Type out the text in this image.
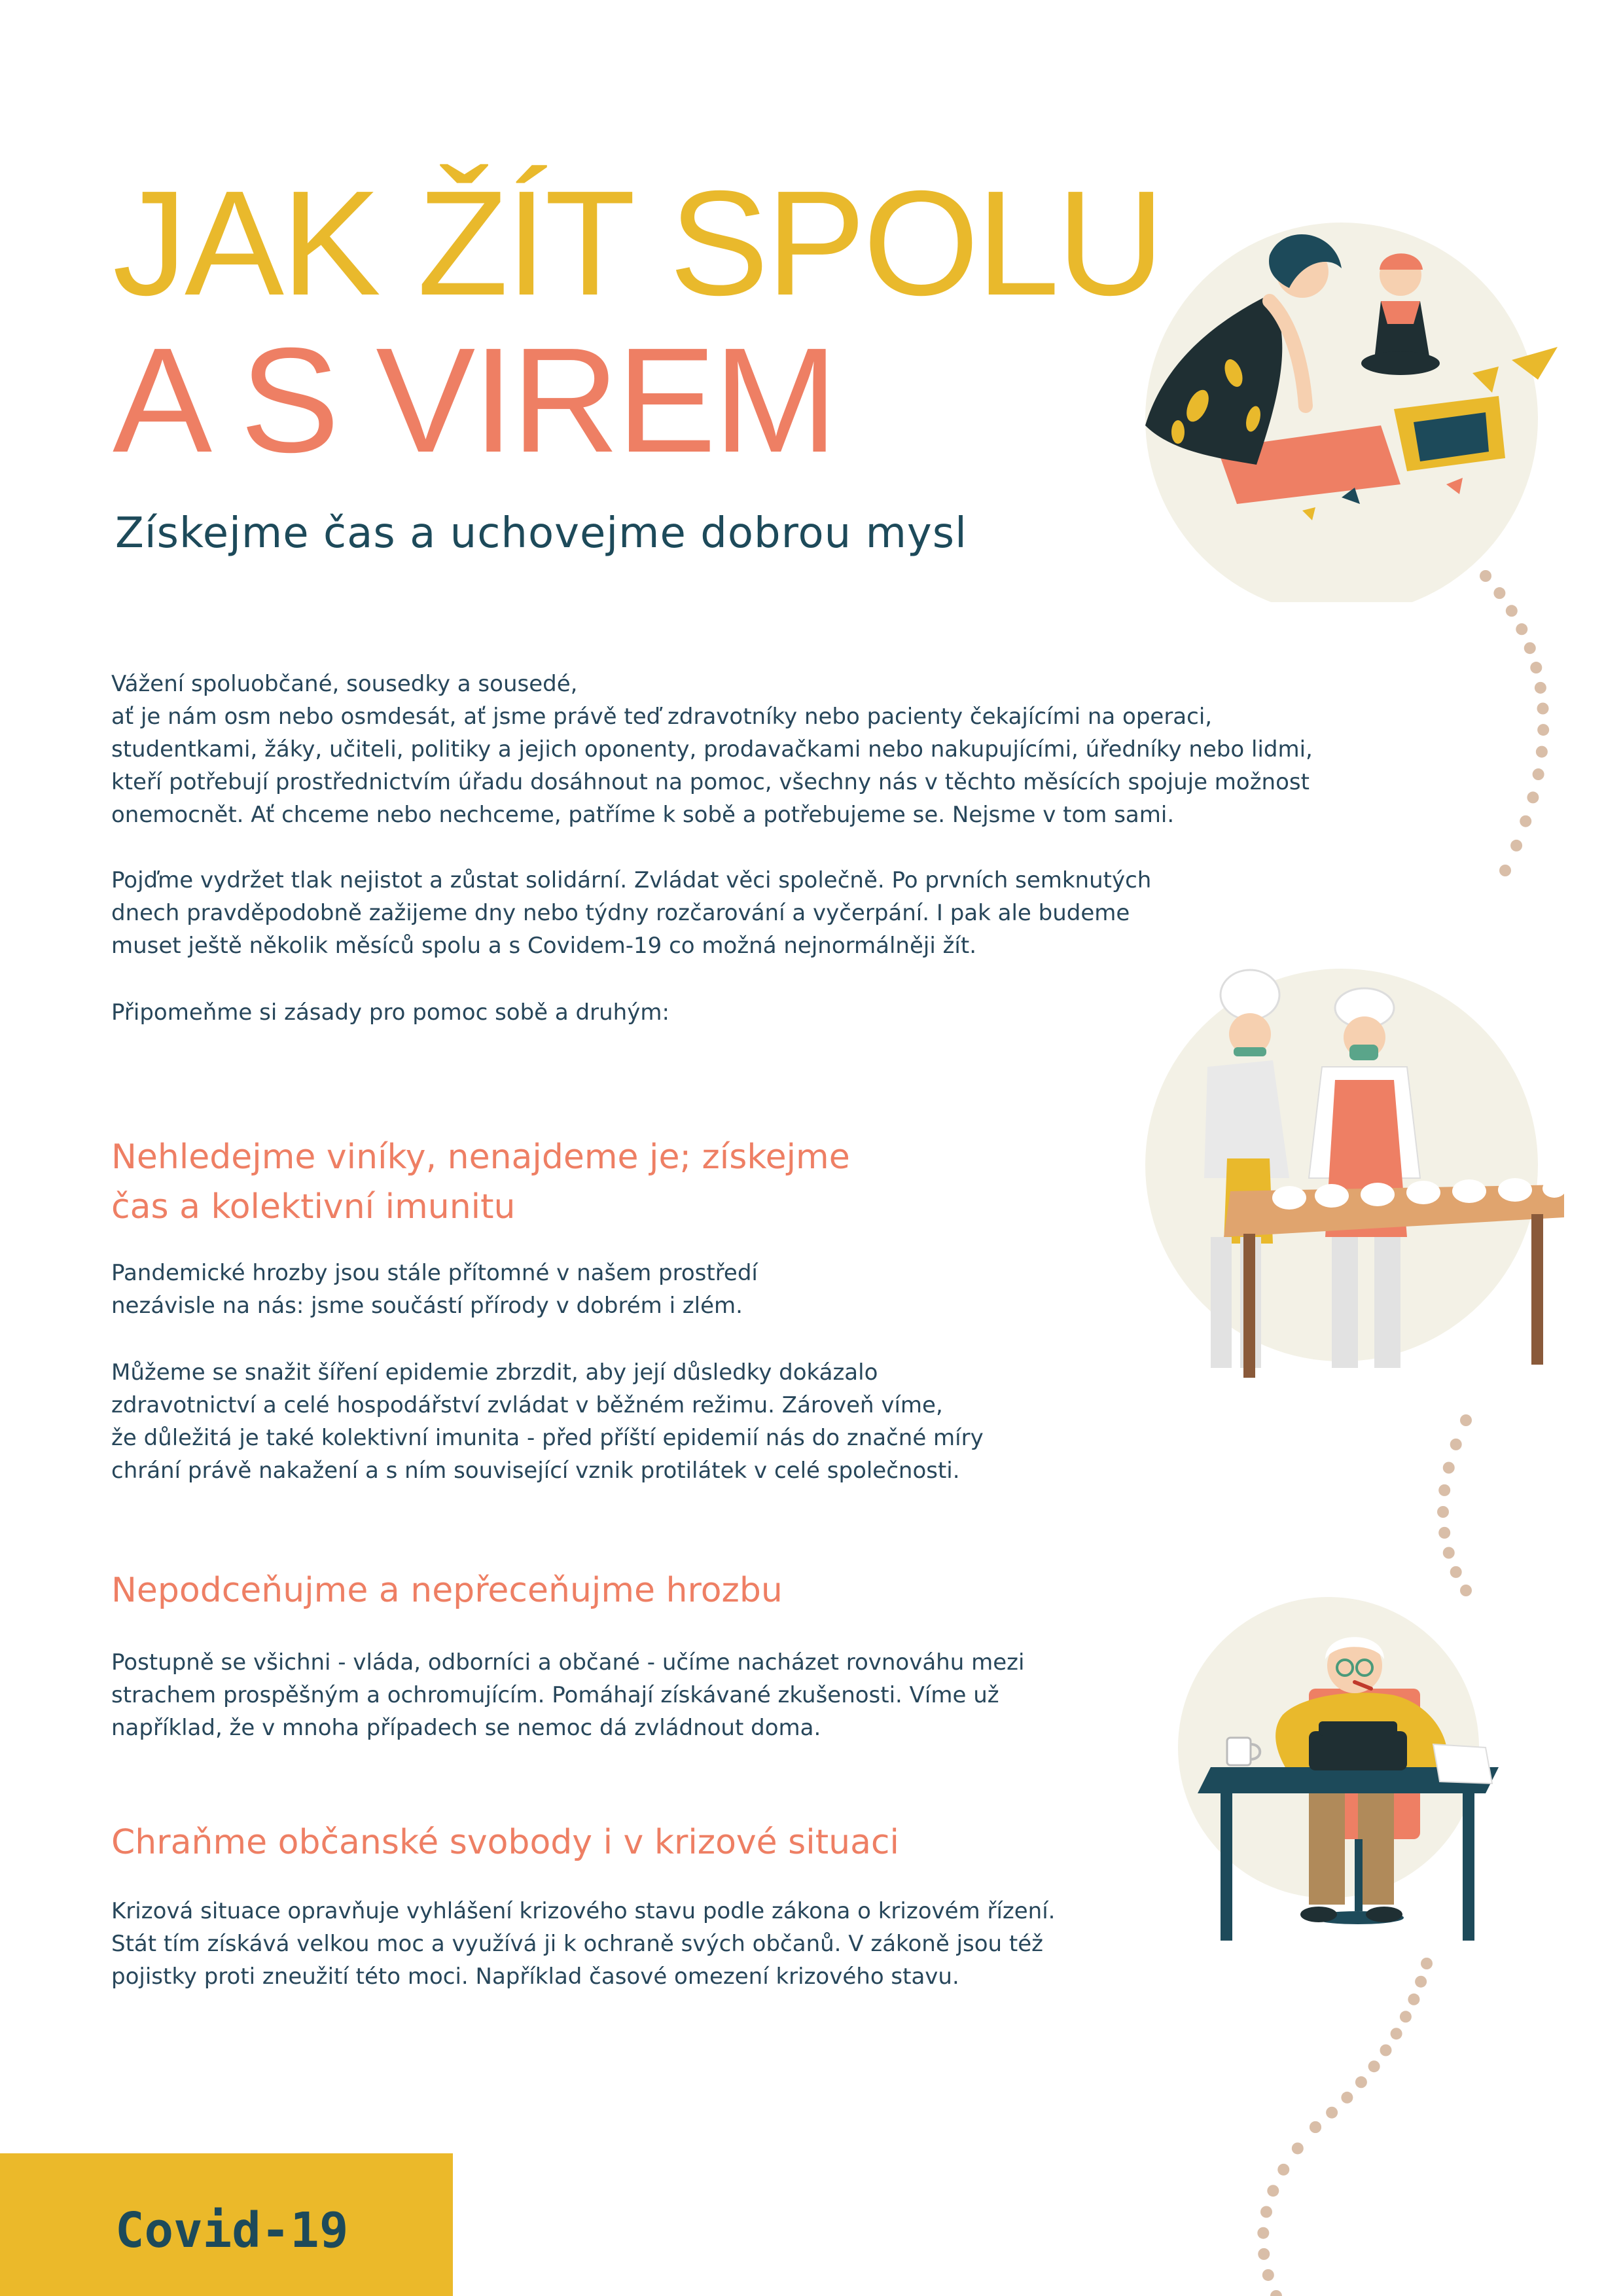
JAK ŽÍT SPOLU
A S VIREM
Získejme čas a uchovejme dobrou mysl
Vážení spoluobčané, sousedky a sousedé,
ať je nám osm nebo osmdesát, ať jsme právě teď zdravotníky nebo pacienty čekajícími na operaci,
studentkami, žáky, učiteli, politiky a jejich oponenty, prodavačkami nebo nakupujícími, úředníky nebo lidmi,
kteří potřebují prostřednictvím úřadu dosáhnout na pomoc, všechny nás v těchto měsících spojuje možnost
onemocnět. Ať chceme nebo nechceme, patříme k sobě a potřebujeme se. Nejsme v tom sami.
Pojďme vydržet tlak nejistot a zůstat solidární. Zvládat věci společně. Po prvních semknutých
dnech pravděpodobně zažijeme dny nebo týdny rozčarování a vyčerpání. I pak ale budeme
muset ještě několik měsíců spolu a s Covidem-19 co možná nejnormálněji žít.
Připomeňme si zásady pro pomoc sobě a druhým:
Nehledejme viníky, nenajdeme je; získejme
čas a kolektivní imunitu
Pandemické hrozby jsou stále přítomné v našem prostředí
nezávisle na nás: jsme součástí přírody v dobrém i zlém.
Můžeme se snažit šíření epidemie zbrzdit, aby její důsledky dokázalo
zdravotnictví a celé hospodářství zvládat v běžném režimu. Zároveň víme,
že důležitá je také kolektivní imunita - před příští epidemií nás do značné míry
chrání právě nakažení a s ním související vznik protilátek v celé společnosti.
Nepodceňujme a nepřeceňujme hrozbu
Postupně se všichni - vláda, odborníci a občané - učíme nacházet rovnováhu mezi
strachem prospěšným a ochromujícím. Pomáhají získávané zkušenosti. Víme už
například, že v mnoha případech se nemoc dá zvládnout doma.
Chraňme občanské svobody i v krizové situaci
Krizová situace opravňuje vyhlášení krizového stavu podle zákona o krizovém řízení.
Stát tím získává velkou moc a využívá ji k ochraně svých občanů. V zákoně jsou též
pojistky proti zneužití této moci. Například časové omezení krizového stavu.
Covid-19
